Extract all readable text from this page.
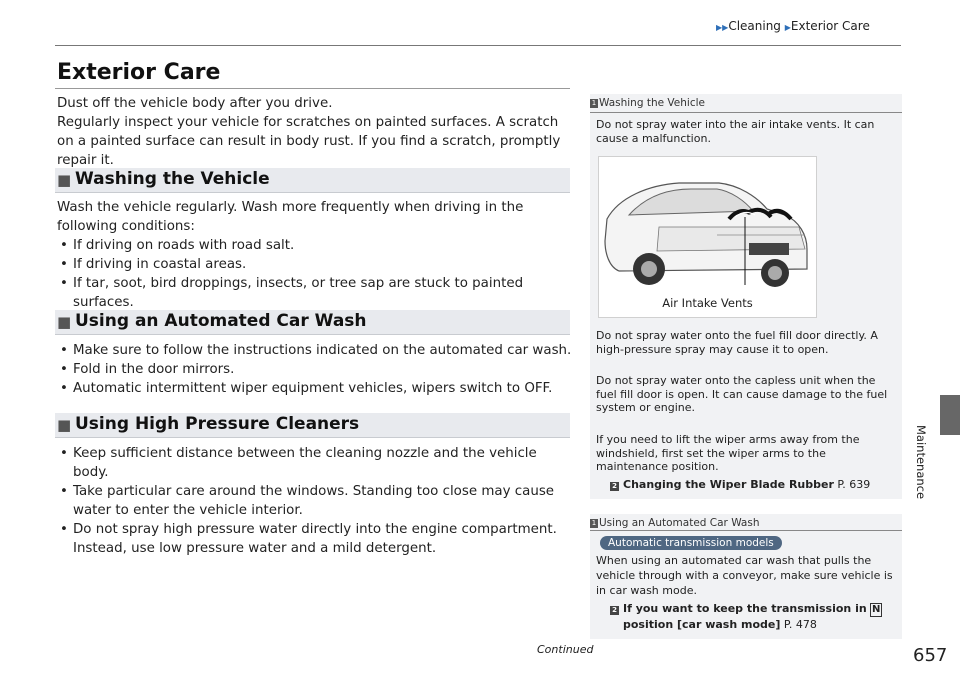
▶▶Cleaning ▶Exterior Care
Exterior Care
Dust off the vehicle body after you drive.
Regularly inspect your vehicle for scratches on painted surfaces. A scratch on a painted surface can result in body rust. If you find a scratch, promptly repair it.
■ Washing the Vehicle
Wash the vehicle regularly. Wash more frequently when driving in the following conditions:
• If driving on roads with road salt.
• If driving in coastal areas.
• If tar, soot, bird droppings, insects, or tree sap are stuck to painted surfaces.
■ Using an Automated Car Wash
• Make sure to follow the instructions indicated on the automated car wash.
• Fold in the door mirrors.
• Automatic intermittent wiper equipment vehicles, wipers switch to OFF.
■ Using High Pressure Cleaners
• Keep sufficient distance between the cleaning nozzle and the vehicle body.
• Take particular care around the windows. Standing too close may cause water to enter the vehicle interior.
• Do not spray high pressure water directly into the engine compartment. Instead, use low pressure water and a mild detergent.
1 Washing the Vehicle
Do not spray water into the air intake vents. It can cause a malfunction.
Air Intake Vents
Do not spray water onto the fuel fill door directly. A high-pressure spray may cause it to open.
Do not spray water onto the capless unit when the fuel fill door is open. It can cause damage to the fuel system or engine.
If you need to lift the wiper arms away from the windshield, first set the wiper arms to the maintenance position.
2 Changing the Wiper Blade Rubber P. 639
1 Using an Automated Car Wash
Automatic transmission models
When using an automated car wash that pulls the vehicle through with a conveyor, make sure vehicle is in car wash mode.
2 If you want to keep the transmission in N
position [car wash mode] P. 478
Maintenance
Continued	657
